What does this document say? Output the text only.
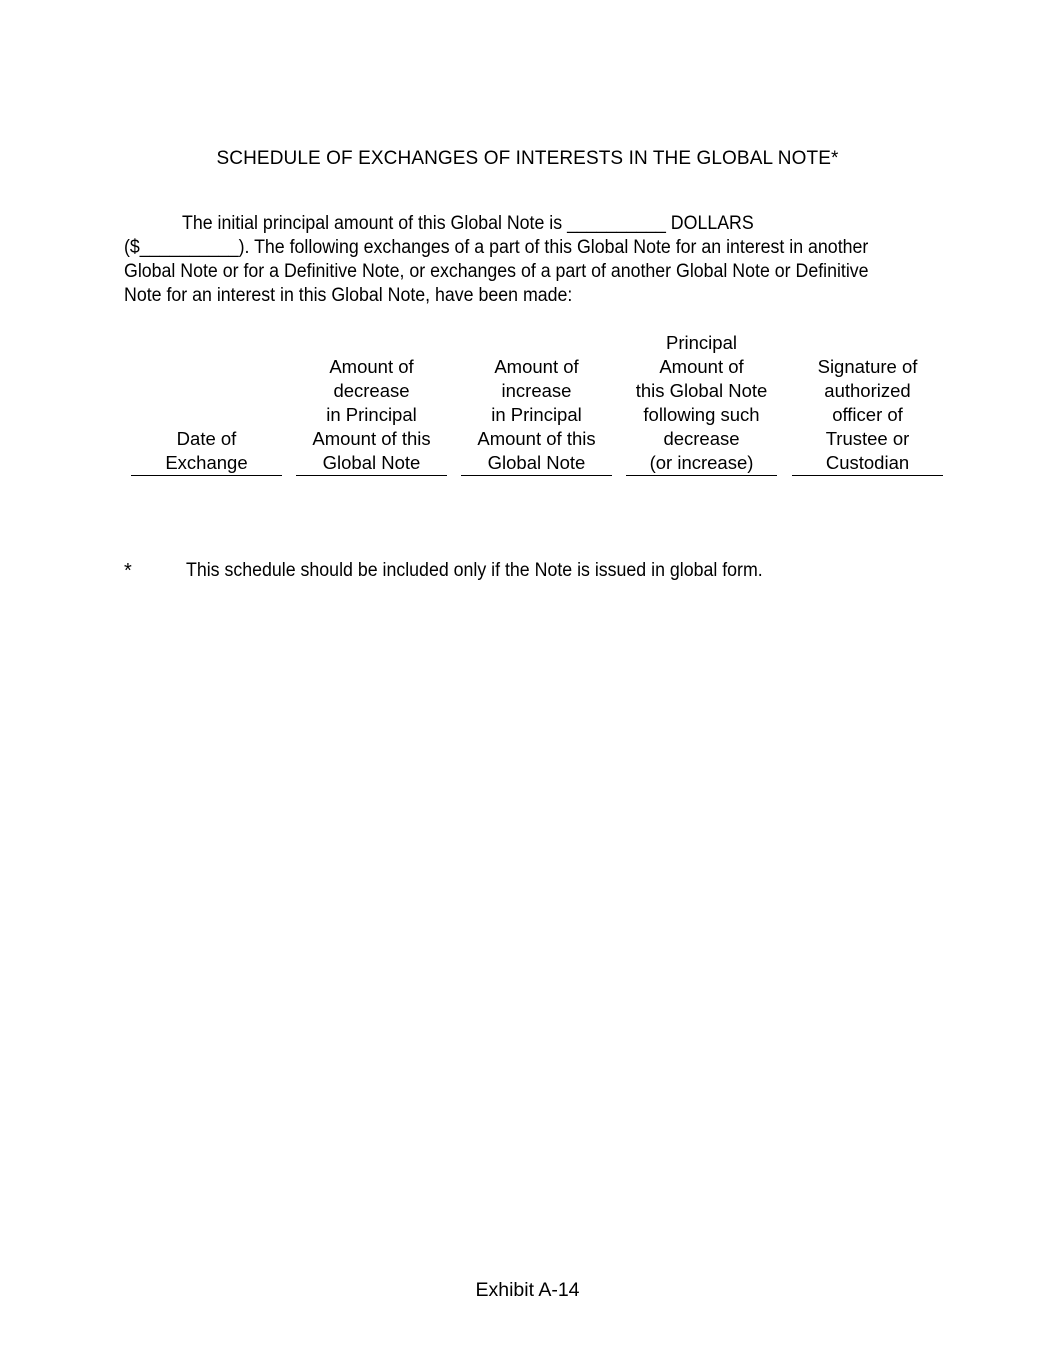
SCHEDULE OF EXCHANGES OF INTERESTS IN THE GLOBAL NOTE*
The initial principal amount of this Global Note is __________ DOLLARS
($__________). The following exchanges of a part of this Global Note for an interest in another
Global Note or for a Definitive Note, or exchanges of a part of another Global Note or Definitive
Note for an interest in this Global Note, have been made:
Date of
Exchange
Amount of
decrease
in Principal
Amount of this
Global Note
Amount of
increase
in Principal
Amount of this
Global Note
Principal
Amount of
this Global Note
following such
decrease
(or increase)
Signature of
authorized
officer of
Trustee or
Custodian
*	This schedule should be included only if the Note is issued in global form.
Exhibit A-14
